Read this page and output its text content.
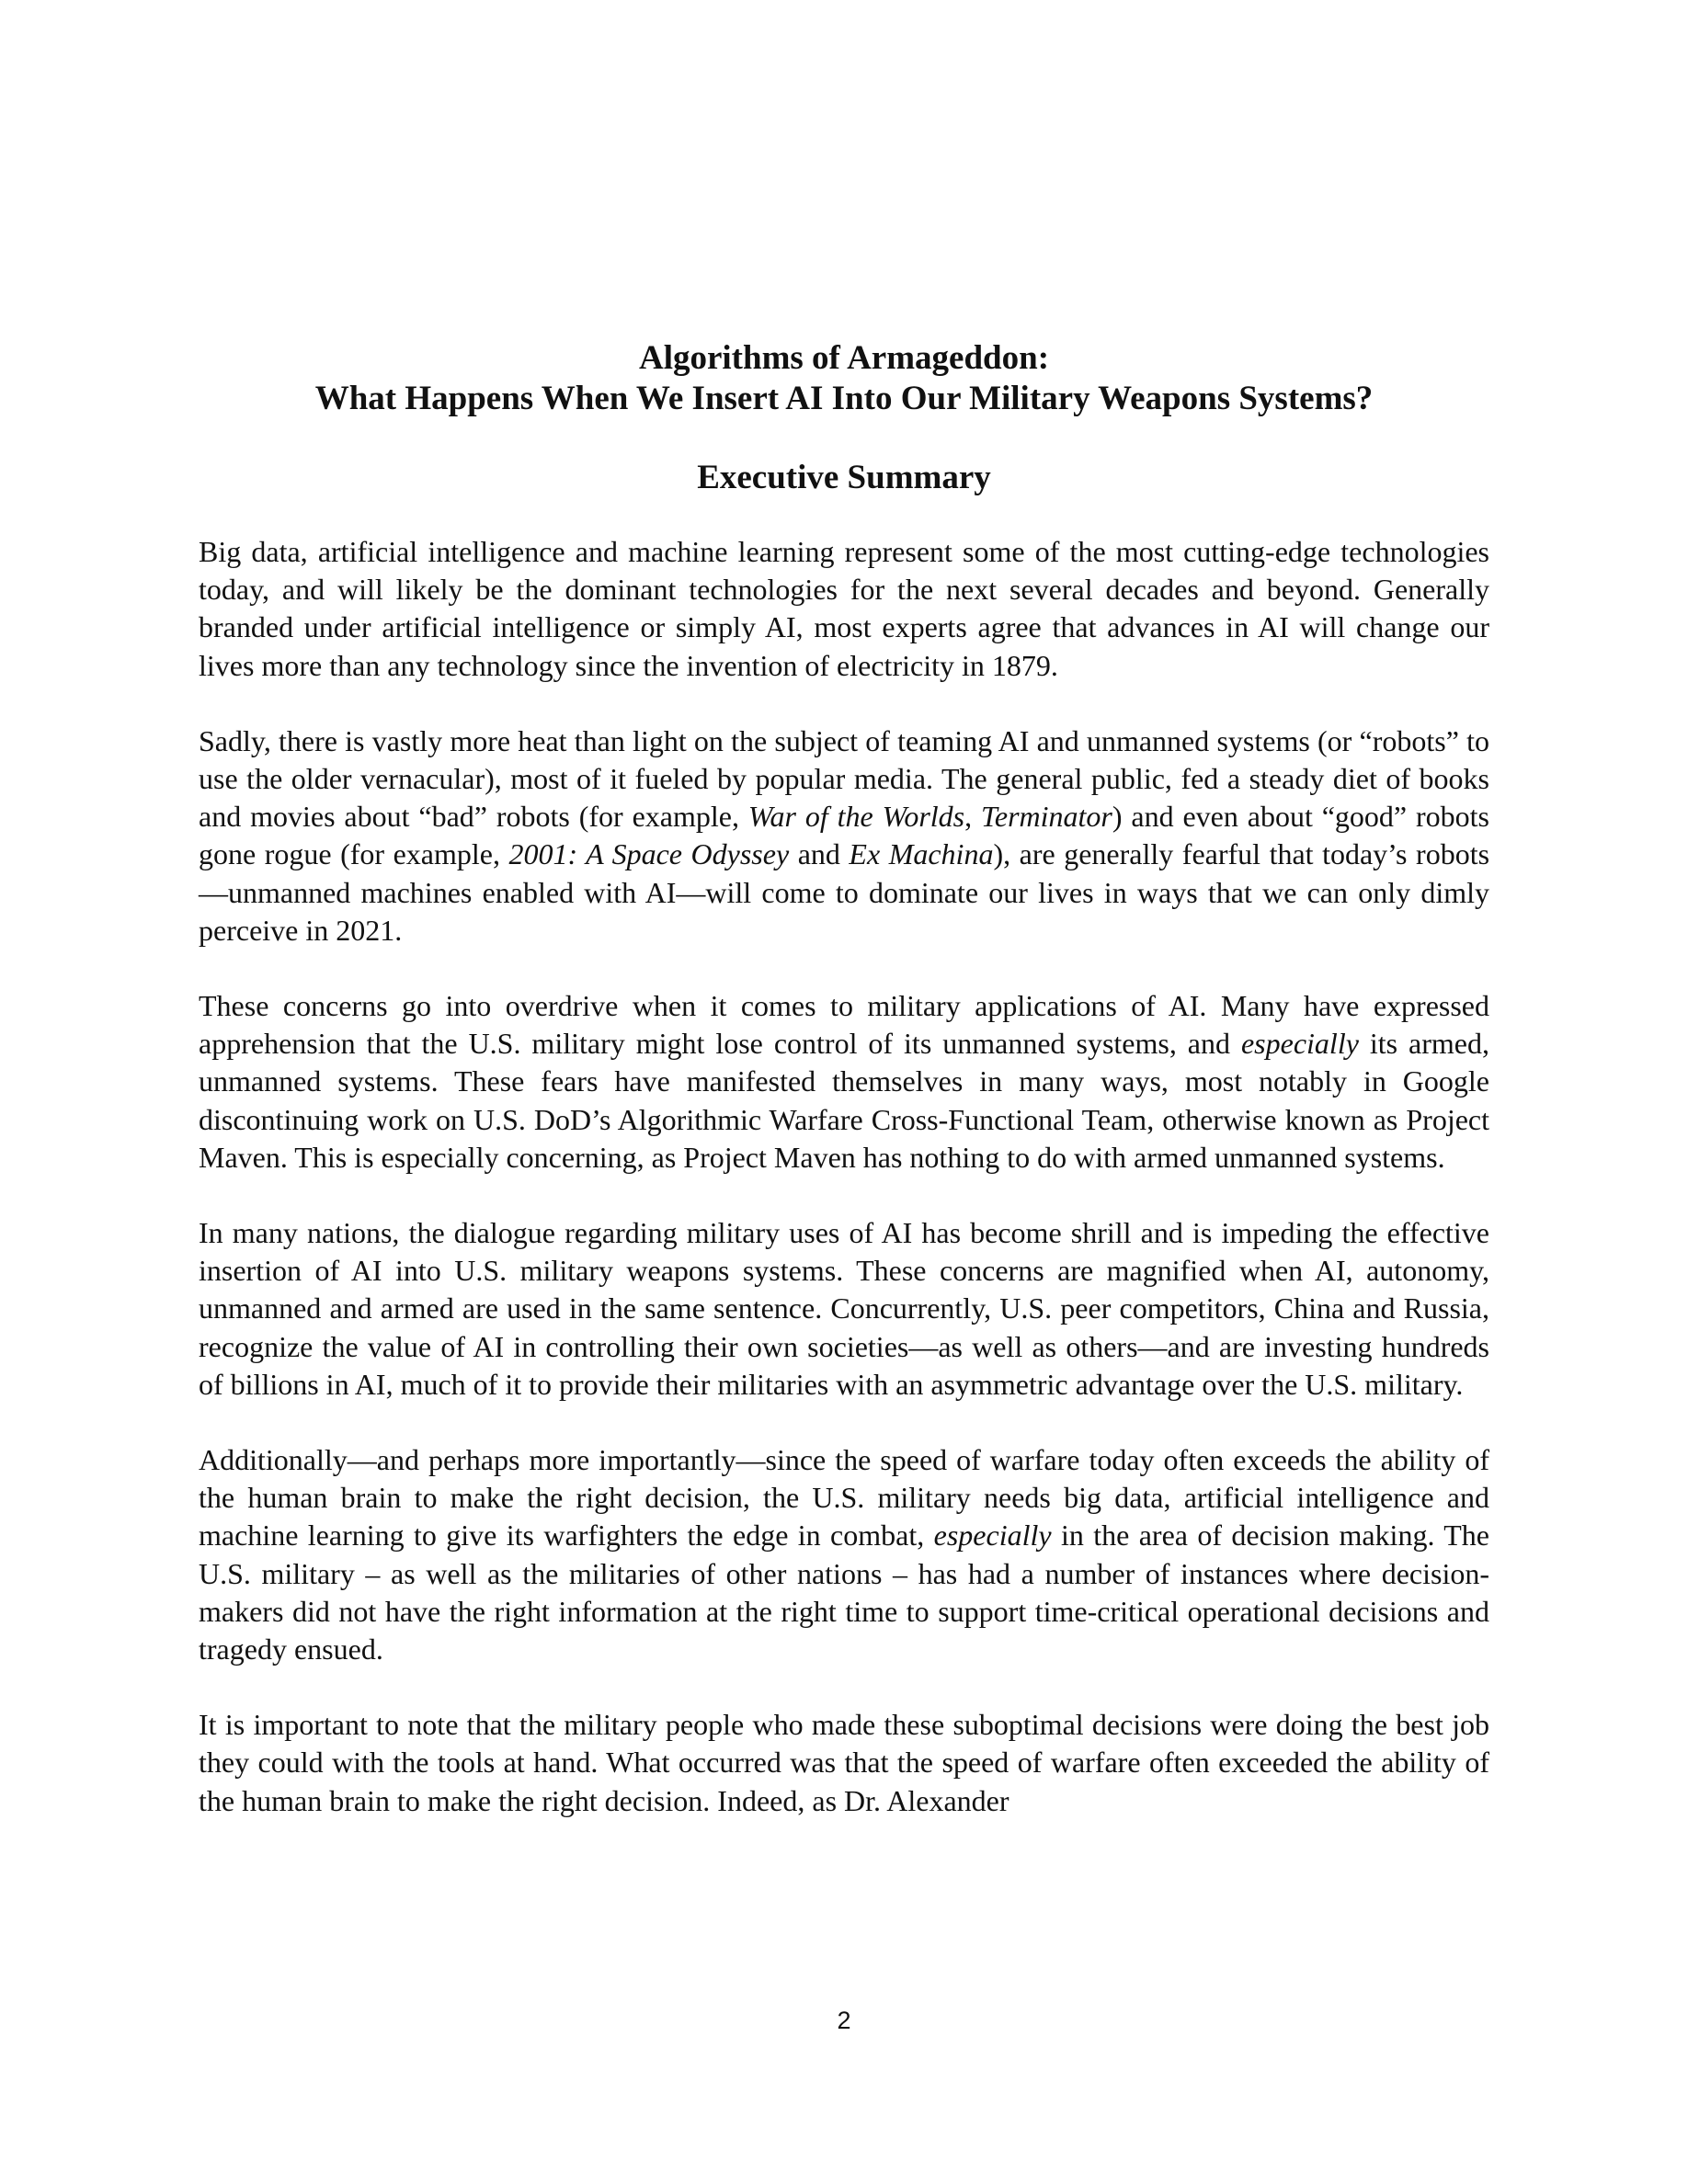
Algorithms of Armageddon:
What Happens When We Insert AI Into Our Military Weapons Systems?
Executive Summary

Big data, artificial intelligence and machine learning represent some of the most cutting-edge technologies today, and will likely be the dominant technologies for the next several decades and beyond. Generally branded under artificial intelligence or simply AI, most experts agree that advances in AI will change our lives more than any technology since the invention of electricity in 1879.

Sadly, there is vastly more heat than light on the subject of teaming AI and unmanned systems (or “robots” to use the older vernacular), most of it fueled by popular media. The general public, fed a steady diet of books and movies about “bad” robots (for example, War of the Worlds, Terminator) and even about “good” robots gone rogue (for example, 2001: A Space Odyssey and Ex Machina), are generally fearful that today’s robots—unmanned machines enabled with AI—will come to dominate our lives in ways that we can only dimly perceive in 2021.

These concerns go into overdrive when it comes to military applications of AI. Many have expressed apprehension that the U.S. military might lose control of its unmanned systems, and especially its armed, unmanned systems. These fears have manifested themselves in many ways, most notably in Google discontinuing work on U.S. DoD’s Algorithmic Warfare Cross-Functional Team, otherwise known as Project Maven. This is especially concerning, as Project Maven has nothing to do with armed unmanned systems.

In many nations, the dialogue regarding military uses of AI has become shrill and is impeding the effective insertion of AI into U.S. military weapons systems. These concerns are magnified when AI, autonomy, unmanned and armed are used in the same sentence. Concurrently, U.S. peer competitors, China and Russia, recognize the value of AI in controlling their own societies—as well as others—and are investing hundreds of billions in AI, much of it to provide their militaries with an asymmetric advantage over the U.S. military.

Additionally—and perhaps more importantly—since the speed of warfare today often exceeds the ability of the human brain to make the right decision, the U.S. military needs big data, artificial intelligence and machine learning to give its warfighters the edge in combat, especially in the area of decision making. The U.S. military – as well as the militaries of other nations – has had a number of instances where decision-makers did not have the right information at the right time to support time-critical operational decisions and tragedy ensued.

It is important to note that the military people who made these suboptimal decisions were doing the best job they could with the tools at hand. What occurred was that the speed of warfare often exceeded the ability of the human brain to make the right decision. Indeed, as Dr. Alexander

2
